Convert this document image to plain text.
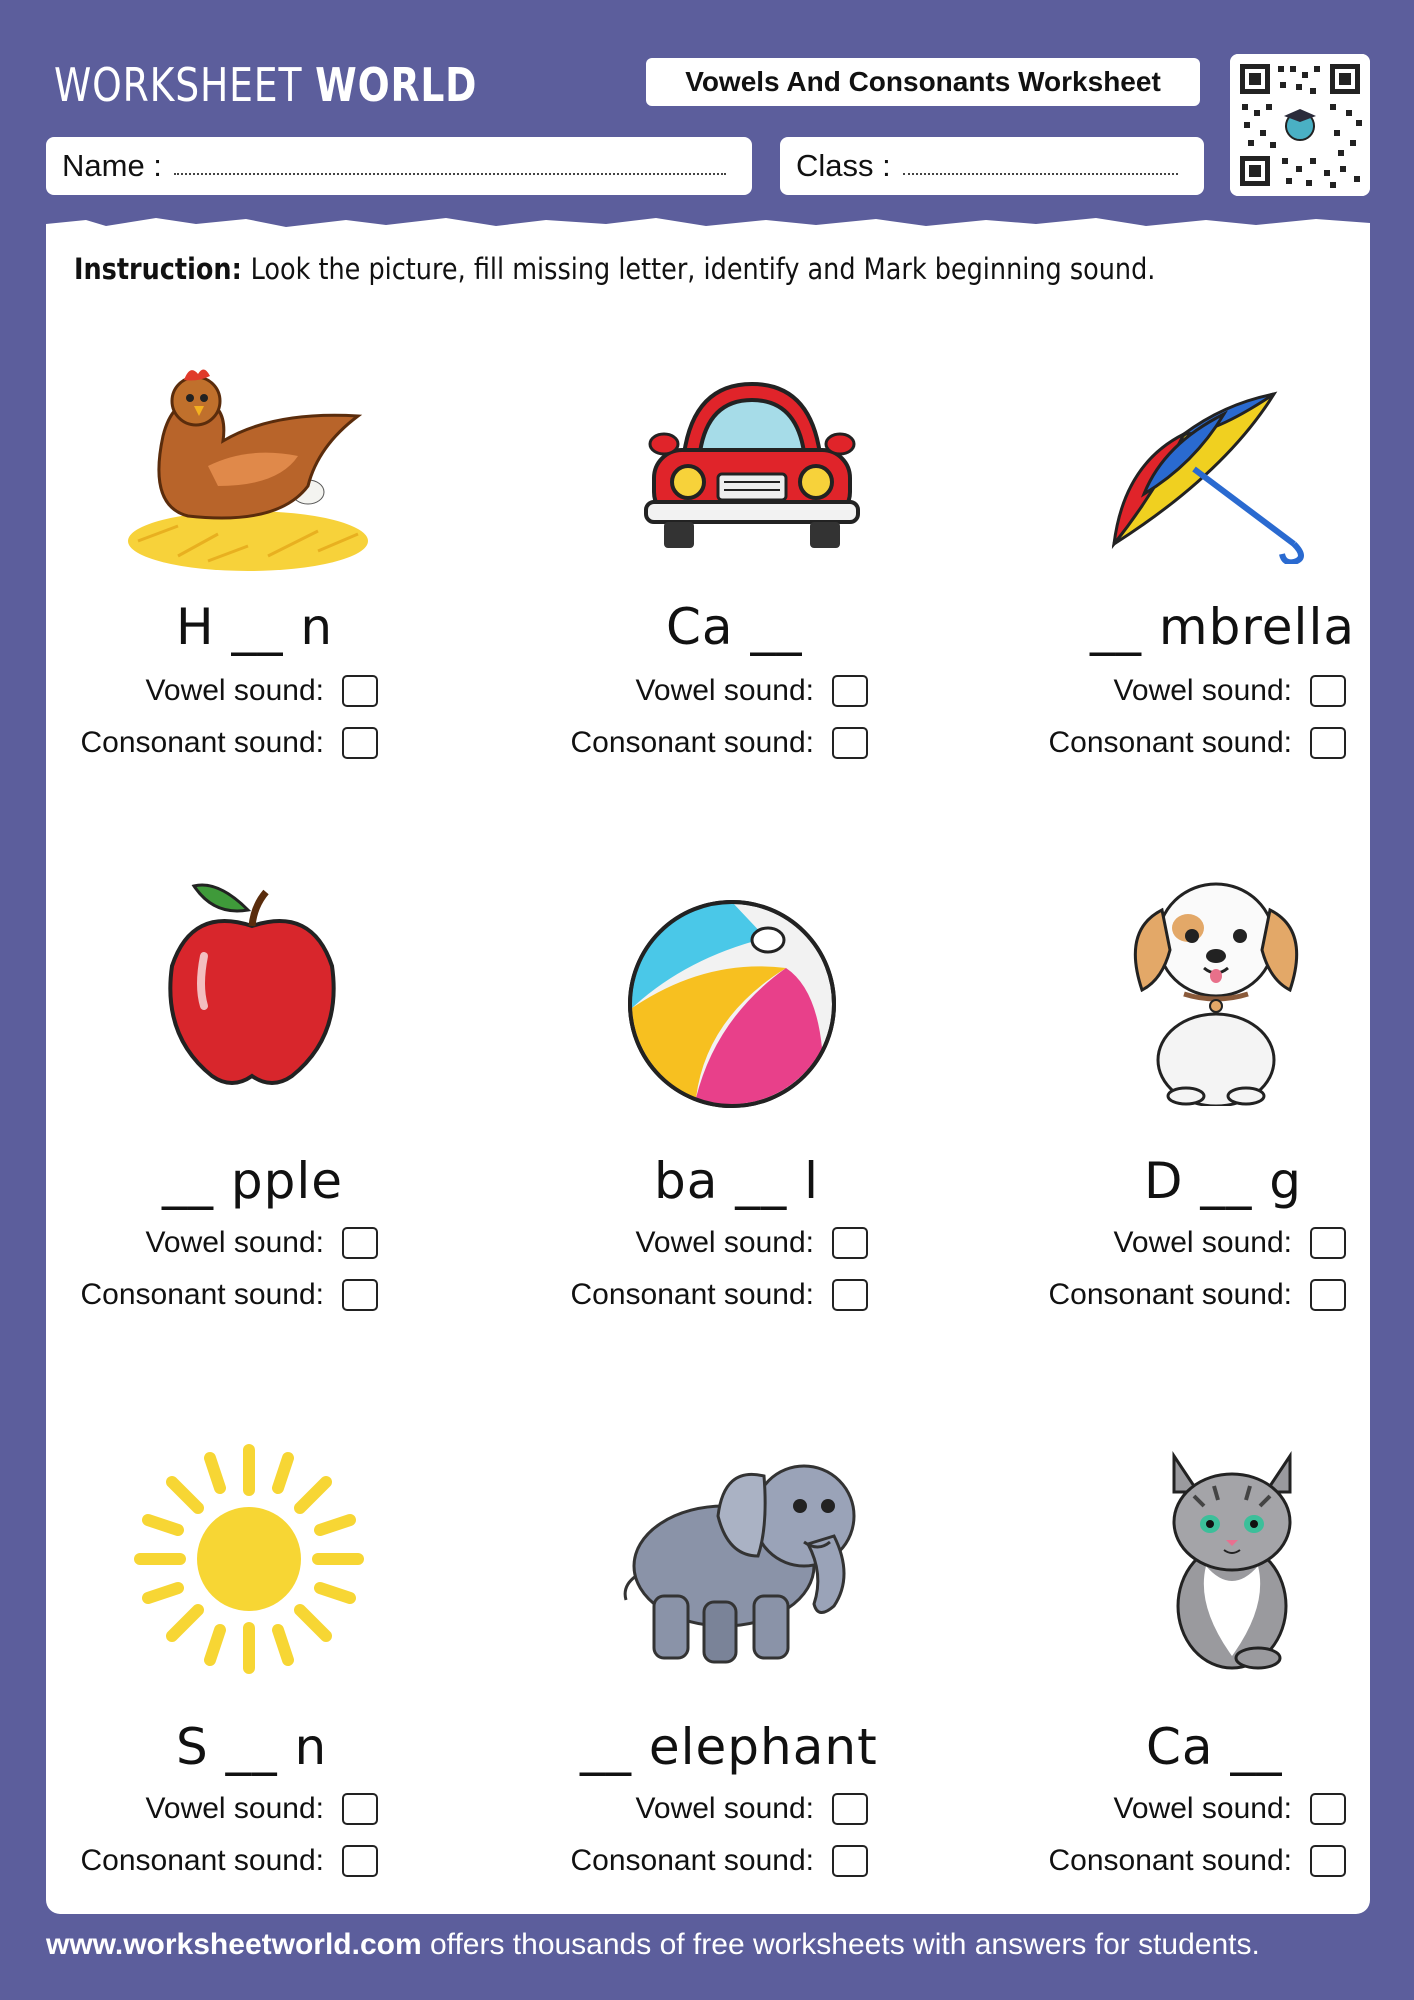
WORKSHEET WORLD	Vowels And Consonants Worksheet
Name :	Class :
Instruction: Look the picture, fill missing letter, identify and Mark beginning sound.
H __ n	Ca __	__ mbrella
Vowel sound:
Consonant sound:
Vowel sound:
Consonant sound:
Vowel sound:
Consonant sound:
__ pple	ba __ l	D __ g
Vowel sound:
Consonant sound:
Vowel sound:
Consonant sound:
Vowel sound:
Consonant sound:
S __ n	__ elephant	Ca __
Vowel sound:
Consonant sound:
Vowel sound:
Consonant sound:
Vowel sound:
Consonant sound:
www.worksheetworld.com offers thousands of free worksheets with answers for students.
